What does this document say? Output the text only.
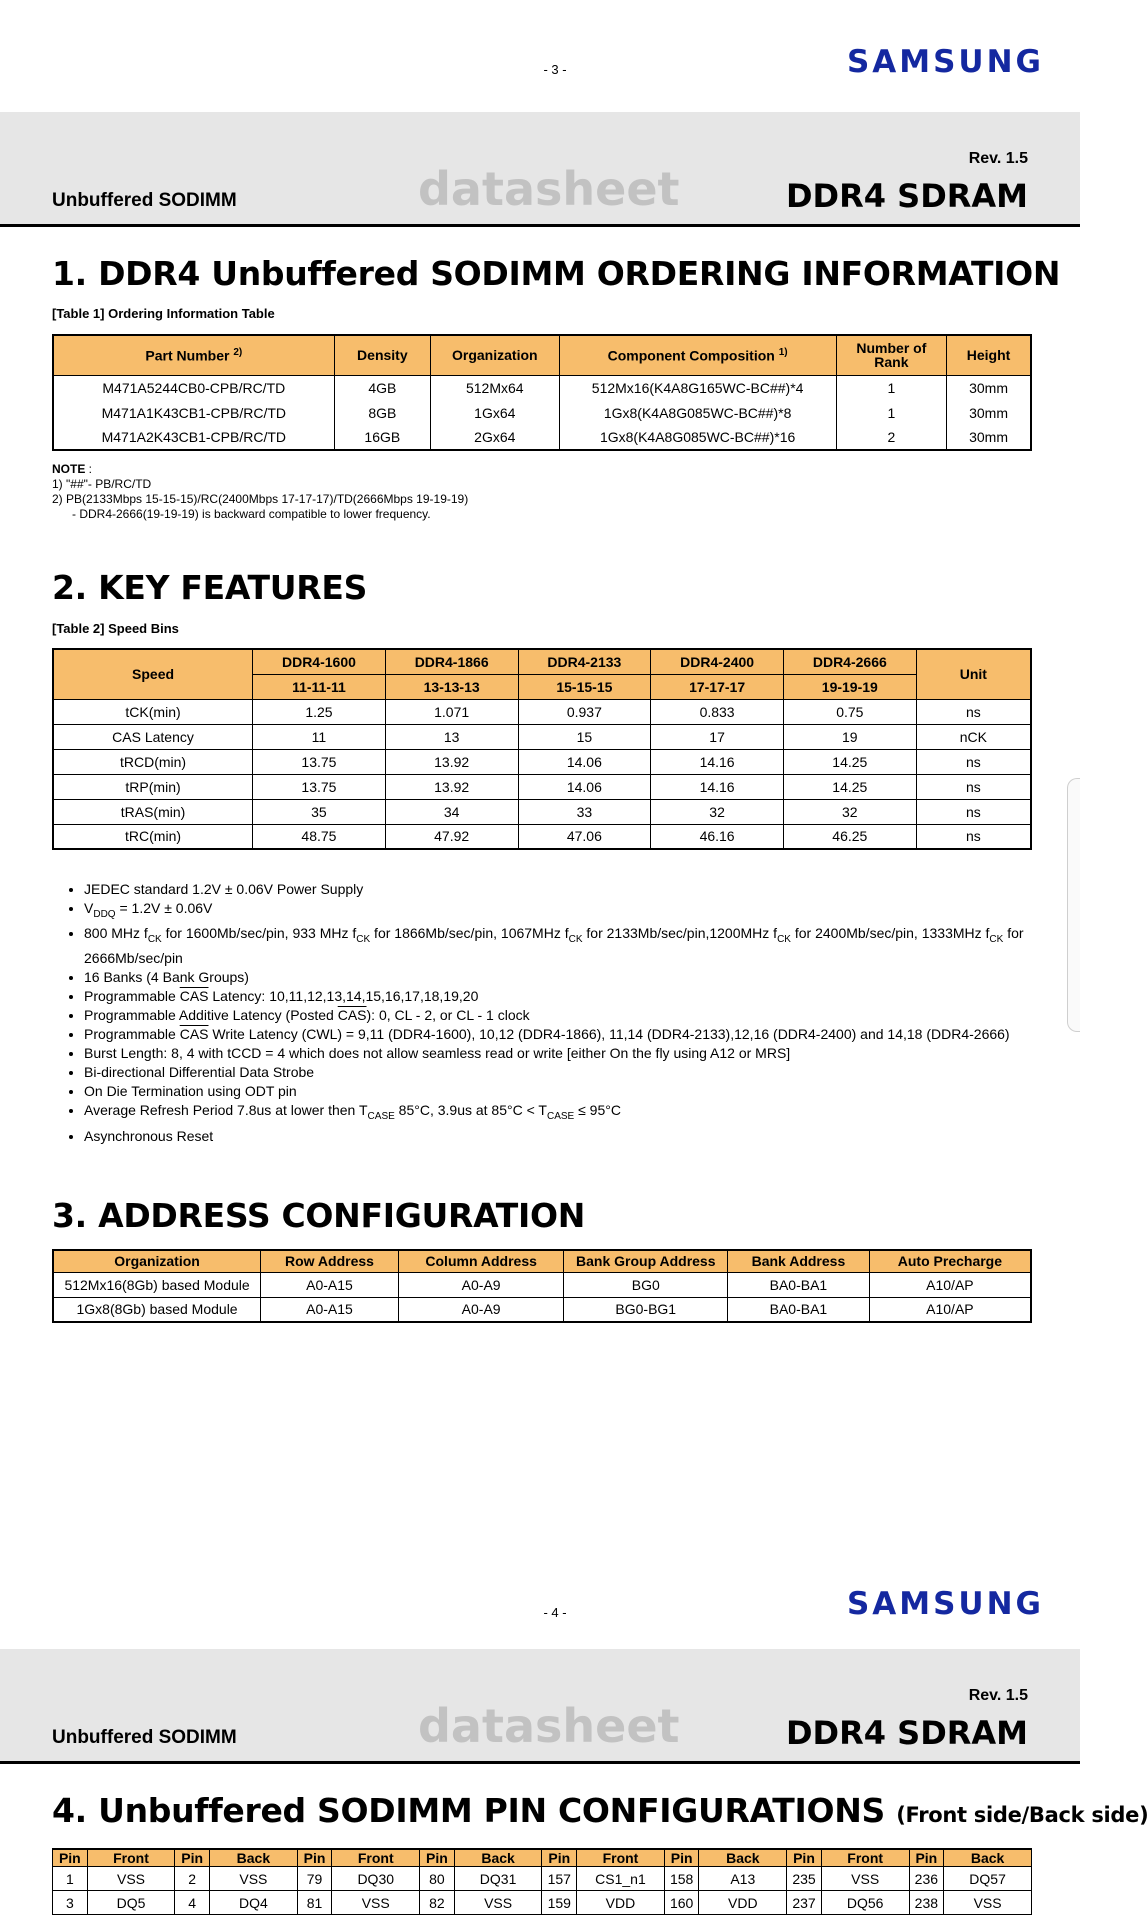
- 3 -	SAMSUNG
Rev. 1.5
Unbuffered SODIMM	datasheet	DDR4 SDRAM
1. DDR4 Unbuffered SODIMM ORDERING INFORMATION
[Table 1] Ordering Information Table
Part Number $^{2)}$	Density	Organization	Component Composition $^{1)}$	Number of Rank	Height
M471A5244CB0-CPB/RC/TD	4GB	512Mx64	512Mx16(K4A8G165WC-BC##)*4	1	30mm
M471A1K43CB1-CPB/RC/TD	8GB	1Gx64	1Gx8(K4A8G085WC-BC##)*8	1	30mm
M471A2K43CB1-CPB/RC/TD	16GB	2Gx64	1Gx8(K4A8G085WC-BC##)*16	2	30mm
NOTE :
1) "##"- PB/RC/TD
2) PB(2133Mbps 15-15-15)/RC(2400Mbps 17-17-17)/TD(2666Mbps 19-19-19)
- DDR4-2666(19-19-19) is backward compatible to lower frequency.
2. KEY FEATURES
[Table 2] Speed Bins
Speed	DDR4-1600	DDR4-1866	DDR4-2133	DDR4-2400	DDR4-2666	Unit
	11-11-11	13-13-13	15-15-15	17-17-17	19-19-19	
tCK(min)	1.25	1.071	0.937	0.833	0.75	ns
CAS Latency	11	13	15	17	19	nCK
tRCD(min)	13.75	13.92	14.06	14.16	14.25	ns
tRP(min)	13.75	13.92	14.06	14.16	14.25	ns
tRAS(min)	35	34	33	32	32	ns
tRC(min)	48.75	47.92	47.06	46.16	46.25	ns
• JEDEC standard 1.2V ± 0.06V Power Supply
• $V_{DDQ} = 1.2V \pm 0.06V$
• 800 MHz $f_{CK}$ for 1600Mb/sec/pin, 933 MHz $f_{CK}$ for 1866Mb/sec/pin, 1067MHz $f_{CK}$ for 2133Mb/sec/pin,1200MHz $f_{CK}$ for 2400Mb/sec/pin, 1333MHz $f_{CK}$ for 2666Mb/sec/pin
• 16 Banks (4 Bank Groups)
• Programmable $\overline{CAS}$ Latency: 10,11,12,13,14,15,16,17,18,19,20
• Programmable Additive Latency (Posted $\overline{CAS}$): 0, CL - 2, or CL - 1 clock
• Programmable $\overline{CAS}$ Write Latency (CWL) = 9,11 (DDR4-1600), 10,12 (DDR4-1866), 11,14 (DDR4-2133),12,16 (DDR4-2400) and 14,18 (DDR4-2666)
• Burst Length: 8, 4 with tCCD = 4 which does not allow seamless read or write [either On the fly using A12 or MRS]
• Bi-directional Differential Data Strobe
• On Die Termination using ODT pin
• Average Refresh Period 7.8us at lower then $T_{CASE}$ 85°C, 3.9us at $85^\circ C < T_{CASE} \le 95^\circ C$
• Asynchronous Reset
3. ADDRESS CONFIGURATION
Organization	Row Address	Column Address	Bank Group Address	Bank Address	Auto Precharge
512Mx16(8Gb) based Module	A0-A15	A0-A9	BG0	BA0-BA1	A10/AP
1Gx8(8Gb) based Module	A0-A15	A0-A9	BG0-BG1	BA0-BA1	A10/AP
- 4 -	SAMSUNG
Rev. 1.5
Unbuffered SODIMM	datasheet	DDR4 SDRAM
4. Unbuffered SODIMM PIN CONFIGURATIONS (Front side/Back side)
Pin	Front	Pin	Back	Pin	Front	Pin	Back	Pin	Front	Pin	Back	Pin	Front	Pin	Back
1	VSS	2	VSS	79	DQ30	80	DQ31	157	CS1_n1	158	A13	235	VSS	236	DQ57
3	DQ5	4	DQ4	81	VSS	82	VSS	159	VDD	160	VDD	237	DQ56	238	VSS
